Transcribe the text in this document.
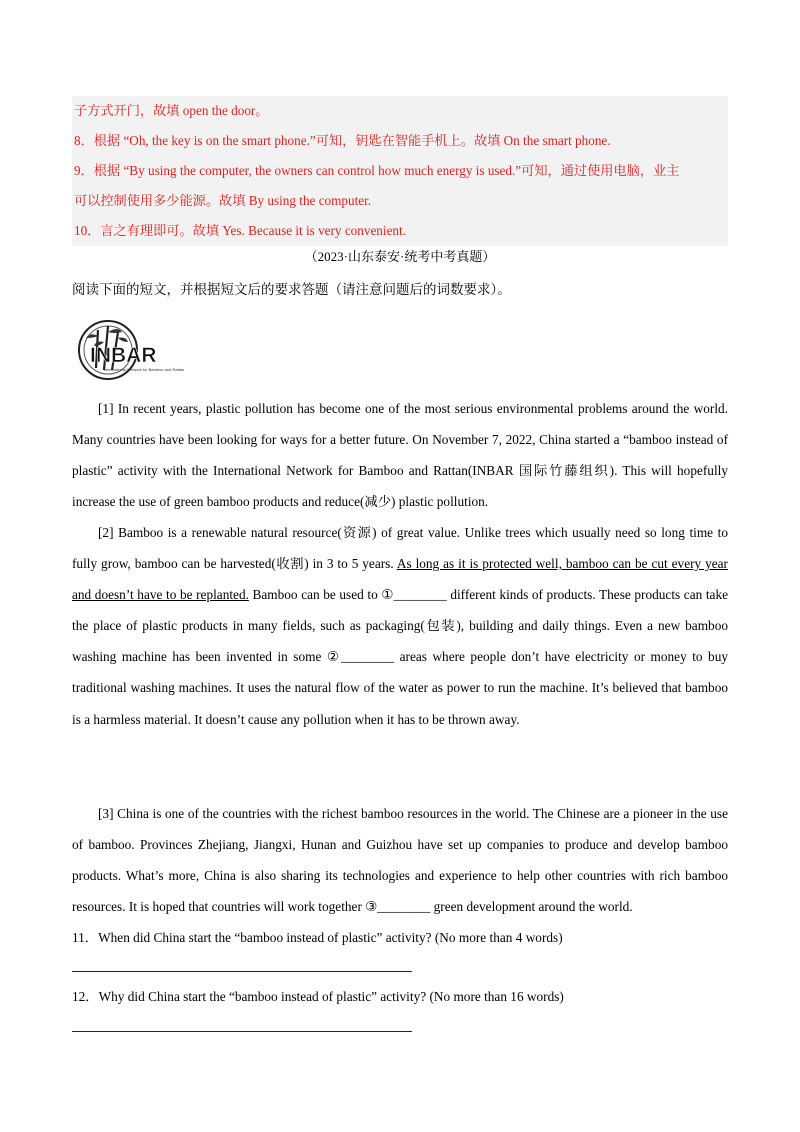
子方式开门，故填 open the door。
8．根据 “Oh, the key is on the smart phone.”可知，钥匙在智能手机上。故填 On the smart phone.
9．根据 “By using the computer, the owners can control how much energy is used.”可知，通过使用电脑，业主
可以控制使用多少能源。故填 By using the computer.
10．言之有理即可。故填 Yes. Because it is very convenient.
（2023·山东泰安·统考中考真题）
阅读下面的短文，并根据短文后的要求答题（请注意问题后的词数要求）。
INBAR
International Network for Bamboo and Rattan
[1] In recent years, plastic pollution has become one of the most serious environmental problems around the world. Many countries have been looking for ways for a better future. On November 7, 2022, China started a “bamboo instead of plastic” activity with the International Network for Bamboo and Rattan(INBAR 国际竹藤组织). This will hopefully increase the use of green bamboo products and reduce(减少) plastic pollution.
[2] Bamboo is a renewable natural resource(资源) of great value. Unlike trees which usually need so long time to fully grow, bamboo can be harvested(收割) in 3 to 5 years. As long as it is protected well, bamboo can be cut every year and doesn’t have to be replanted. Bamboo can be used to ①________ different kinds of products. These products can take the place of plastic products in many fields, such as packaging(包装), building and daily things. Even a new bamboo washing machine has been invented in some ②________ areas where people don’t have electricity or money to buy traditional washing machines. It uses the natural flow of the water as power to run the machine. It’s believed that bamboo is a harmless material. It doesn’t cause any pollution when it has to be thrown away.
[3] China is one of the countries with the richest bamboo resources in the world. The Chinese are a pioneer in the use of bamboo. Provinces Zhejiang, Jiangxi, Hunan and Guizhou have set up companies to produce and develop bamboo products. What’s more, China is also sharing its technologies and experience to help other countries with rich bamboo resources. It is hoped that countries will work together ③________ green development around the world.
11．When did China start the “bamboo instead of plastic” activity? (No more than 4 words)
12．Why did China start the “bamboo instead of plastic” activity? (No more than 16 words)
